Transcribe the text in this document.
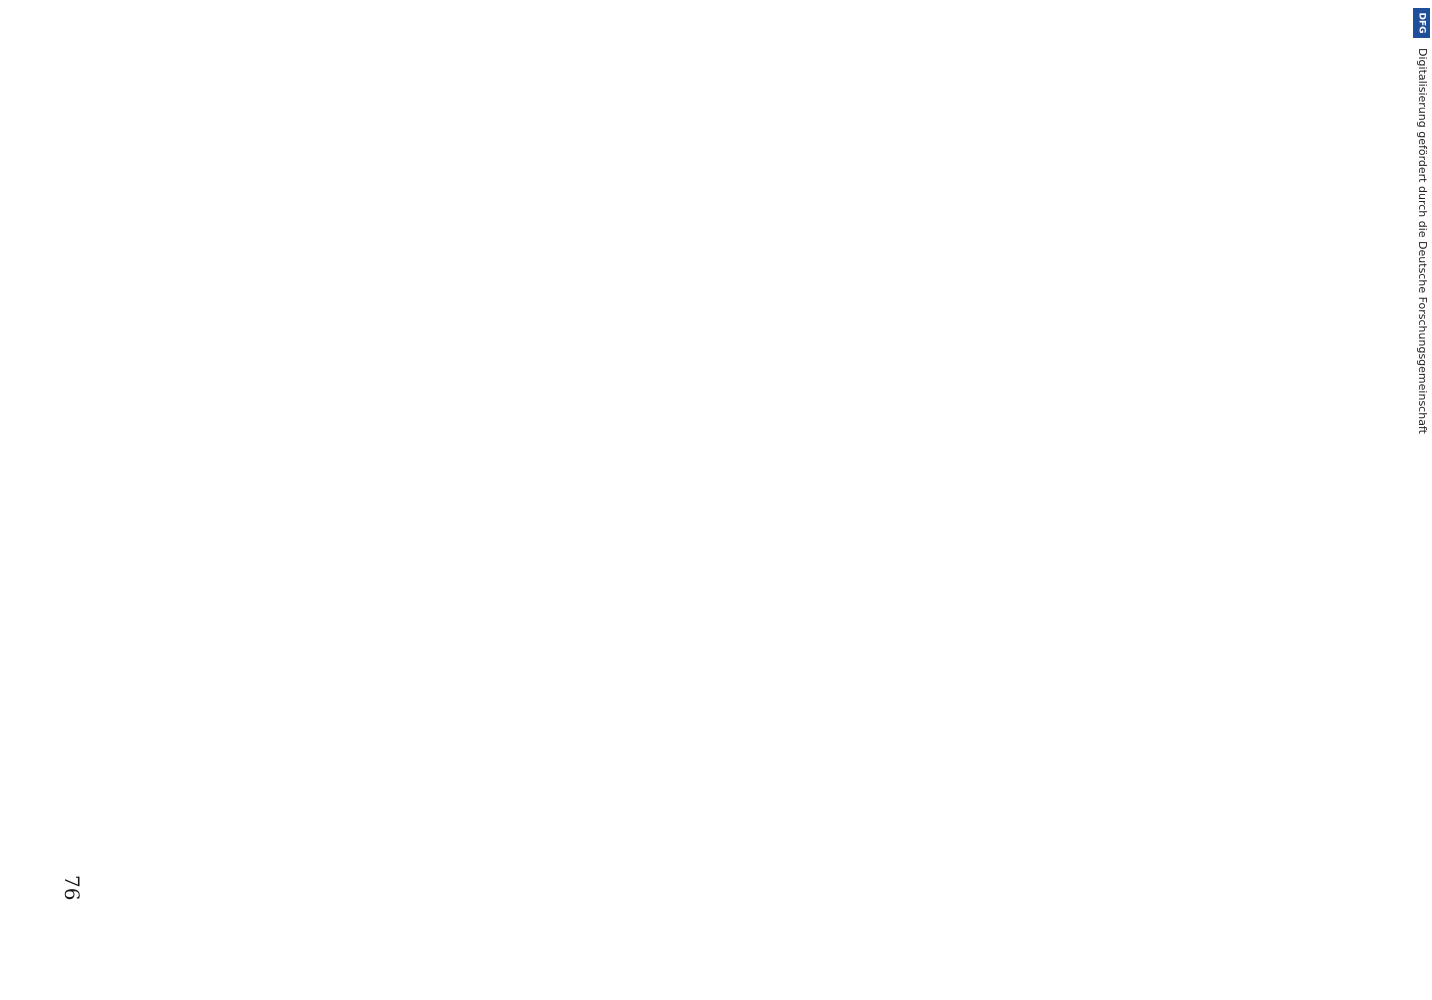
76
DFG
Digitalisierung gefördert durch die Deutsche Forschungsgemeinschaft
